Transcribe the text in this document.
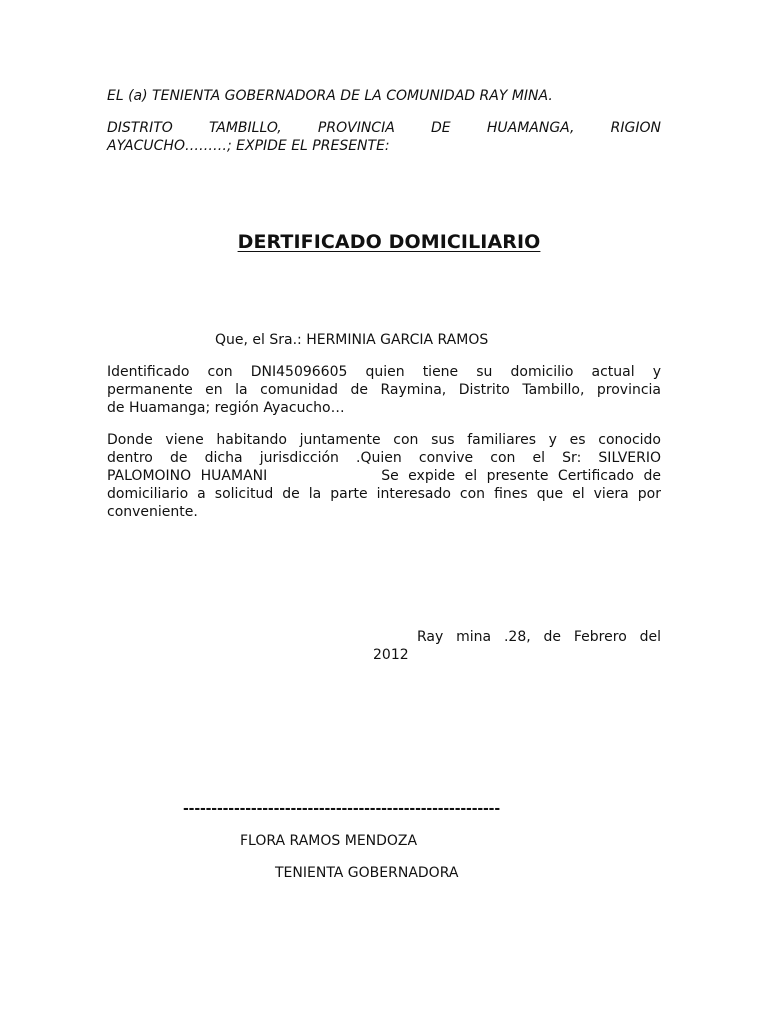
EL (a) TENIENTA GOBERNADORA DE LA COMUNIDAD RAY MINA.
DISTRITO TAMBILLO, PROVINCIA DE HUAMANGA, RIGION
AYACUCHO………; EXPIDE EL PRESENTE:
DERTIFICADO DOMICILIARIO
Que, el Sra.: HERMINIA GARCIA RAMOS
Identificado con DNI45096605 quien tiene su domicilio actual y
permanente en la comunidad de Raymina, Distrito Tambillo, provincia
de Huamanga; región Ayacucho…
Donde viene habitando juntamente con sus familiares y es conocido
dentro de dicha jurisdicción .Quien convive con el Sr: SILVERIO
PALOMOINO HUAMANI            Se expide el presente Certificado de
domiciliario a solicitud de la parte interesado con fines que el viera por
conveniente.
Ray mina .28, de Febrero del
2012
--------------------------------------------------------
FLORA RAMOS MENDOZA
TENIENTA GOBERNADORA
